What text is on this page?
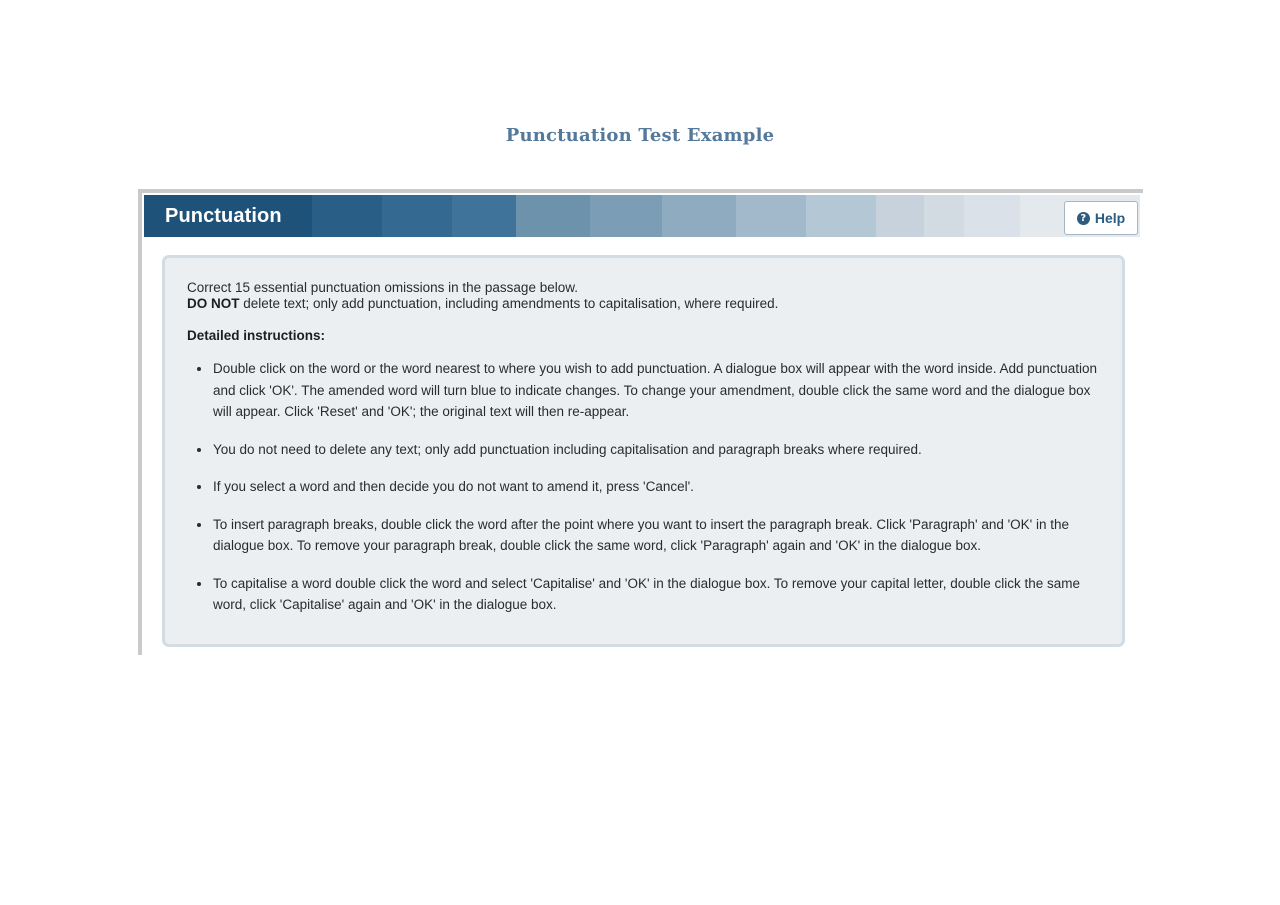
Punctuation Test Example
Punctuation	? Help

Correct 15 essential punctuation omissions in the passage below.

DO NOT delete text; only add punctuation, including amendments to capitalisation, where required.

Detailed instructions:
Double click on the word or the word nearest to where you wish to add punctuation. A dialogue box will appear with the word inside. Add punctuation and click 'OK'. The amended word will turn blue to indicate changes. To change your amendment, double click the same word and the dialogue box will appear. Click 'Reset' and 'OK'; the original text will then re-appear.
You do not need to delete any text; only add punctuation including capitalisation and paragraph breaks where required.
If you select a word and then decide you do not want to amend it, press 'Cancel'.
To insert paragraph breaks, double click the word after the point where you want to insert the paragraph break. Click 'Paragraph' and 'OK' in the dialogue box. To remove your paragraph break, double click the same word, click 'Paragraph' again and 'OK' in the dialogue box.
To capitalise a word double click the word and select 'Capitalise' and 'OK' in the dialogue box. To remove your capital letter, double click the same word, click 'Capitalise' again and 'OK' in the dialogue box.
